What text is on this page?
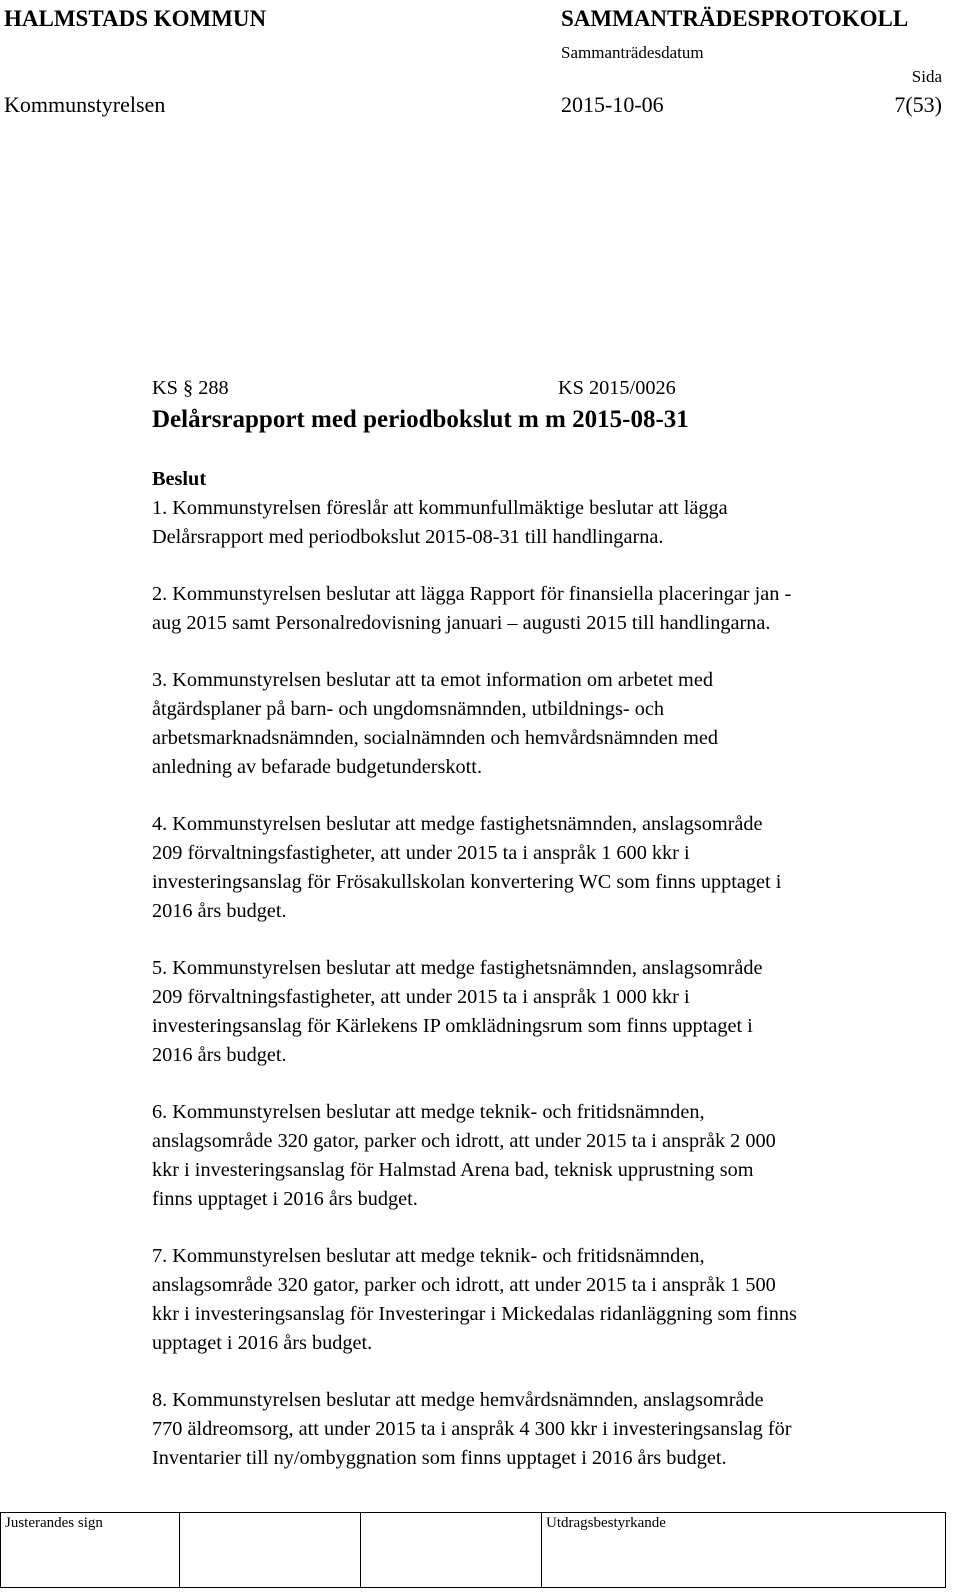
HALMSTADS KOMMUN	SAMMANTRÄDESPROTOKOLL
Sammanträdesdatum
Sida
Kommunstyrelsen	2015-10-06	7(53)
KS § 288	KS 2015/0026
Delårsrapport med periodbokslut m m 2015-08-31
Beslut
1. Kommunstyrelsen föreslår att kommunfullmäktige beslutar att lägga
Delårsrapport med periodbokslut 2015-08-31 till handlingarna.
2. Kommunstyrelsen beslutar att lägga Rapport för finansiella placeringar jan -
aug 2015 samt Personalredovisning januari – augusti 2015 till handlingarna.
3. Kommunstyrelsen beslutar att ta emot information om arbetet med
åtgärdsplaner på barn- och ungdomsnämnden, utbildnings- och
arbetsmarknadsnämnden, socialnämnden och hemvårdsnämnden med
anledning av befarade budgetunderskott.
4. Kommunstyrelsen beslutar att medge fastighetsnämnden, anslagsområde
209 förvaltningsfastigheter, att under 2015 ta i anspråk 1 600 kkr i
investeringsanslag för Frösakullskolan konvertering WC som finns upptaget i
2016 års budget.
5. Kommunstyrelsen beslutar att medge fastighetsnämnden, anslagsområde
209 förvaltningsfastigheter, att under 2015 ta i anspråk 1 000 kkr i
investeringsanslag för Kärlekens IP omklädningsrum som finns upptaget i
2016 års budget.
6. Kommunstyrelsen beslutar att medge teknik- och fritidsnämnden,
anslagsområde 320 gator, parker och idrott, att under 2015 ta i anspråk 2 000
kkr i investeringsanslag för Halmstad Arena bad, teknisk upprustning som
finns upptaget i 2016 års budget.
7. Kommunstyrelsen beslutar att medge teknik- och fritidsnämnden,
anslagsområde 320 gator, parker och idrott, att under 2015 ta i anspråk 1 500
kkr i investeringsanslag för Investeringar i Mickedalas ridanläggning som finns
upptaget i 2016 års budget.
8. Kommunstyrelsen beslutar att medge hemvårdsnämnden, anslagsområde
770 äldreomsorg, att under 2015 ta i anspråk 4 300 kkr i investeringsanslag för
Inventarier till ny/ombyggnation som finns upptaget i 2016 års budget.
Justerandes sign			Utdragsbestyrkande
